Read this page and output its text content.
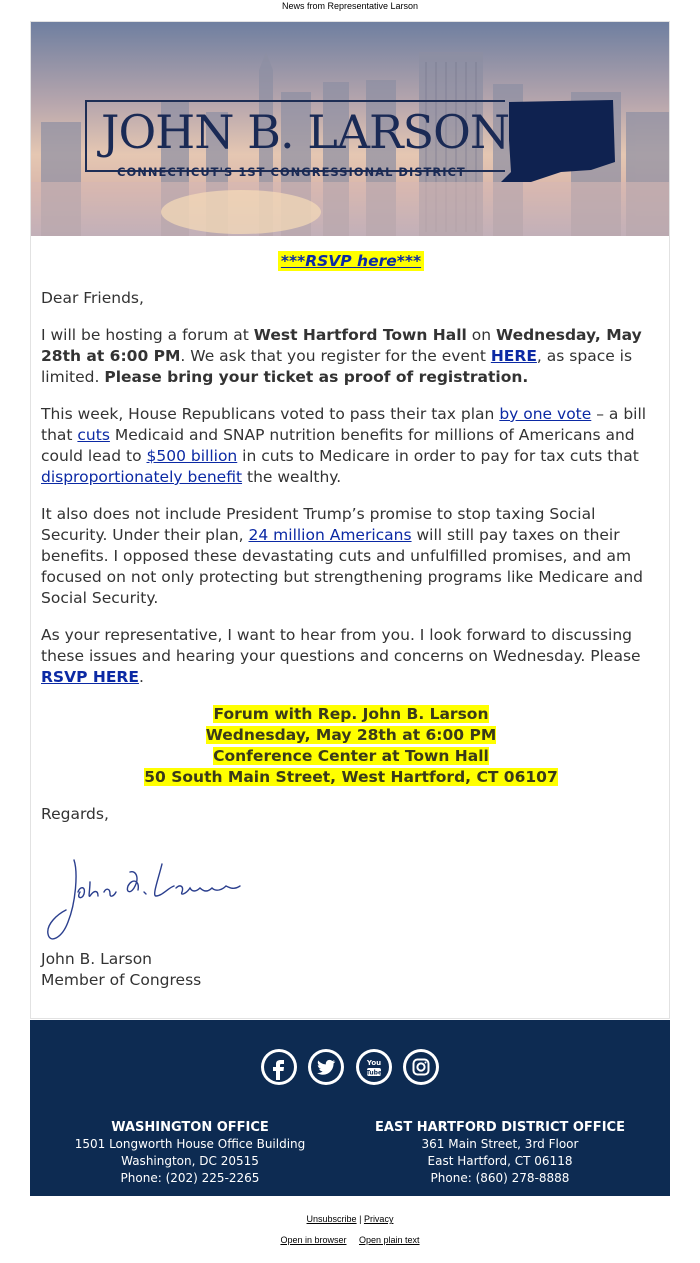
News from Representative Larson
JOHN B. LARSON
CONNECTICUT'S 1ST CONGRESSIONAL DISTRICT
***RSVP here***

Dear Friends,

I will be hosting a forum at West Hartford Town Hall on Wednesday, May 28th at 6:00 PM. We ask that you register for the event HERE, as space is limited. Please bring your ticket as proof of registration.

This week, House Republicans voted to pass their tax plan by one vote – a bill that cuts Medicaid and SNAP nutrition benefits for millions of Americans and could lead to $500 billion in cuts to Medicare in order to pay for tax cuts that disproportionately benefit the wealthy.

It also does not include President Trump’s promise to stop taxing Social Security. Under their plan, 24 million Americans will still pay taxes on their benefits. I opposed these devastating cuts and unfulfilled promises, and am focused on not only protecting but strengthening programs like Medicare and Social Security.

As your representative, I want to hear from you. I look forward to discussing these issues and hearing your questions and concerns on Wednesday. Please RSVP HERE.

Forum with Rep. John B. Larson
Wednesday, May 28th at 6:00 PM
Conference Center at Town Hall
50 South Main Street, West Hartford, CT 06107

Regards,

John B. Larson
Member of Congress

You
Tube

WASHINGTON OFFICE
1501 Longworth House Office Building
Washington, DC 20515
Phone: (202) 225-2265
EAST HARTFORD DISTRICT OFFICE
361 Main Street, 3rd Floor
East Hartford, CT 06118
Phone: (860) 278-8888
Unsubscribe | Privacy
Open in browser Open plain text
